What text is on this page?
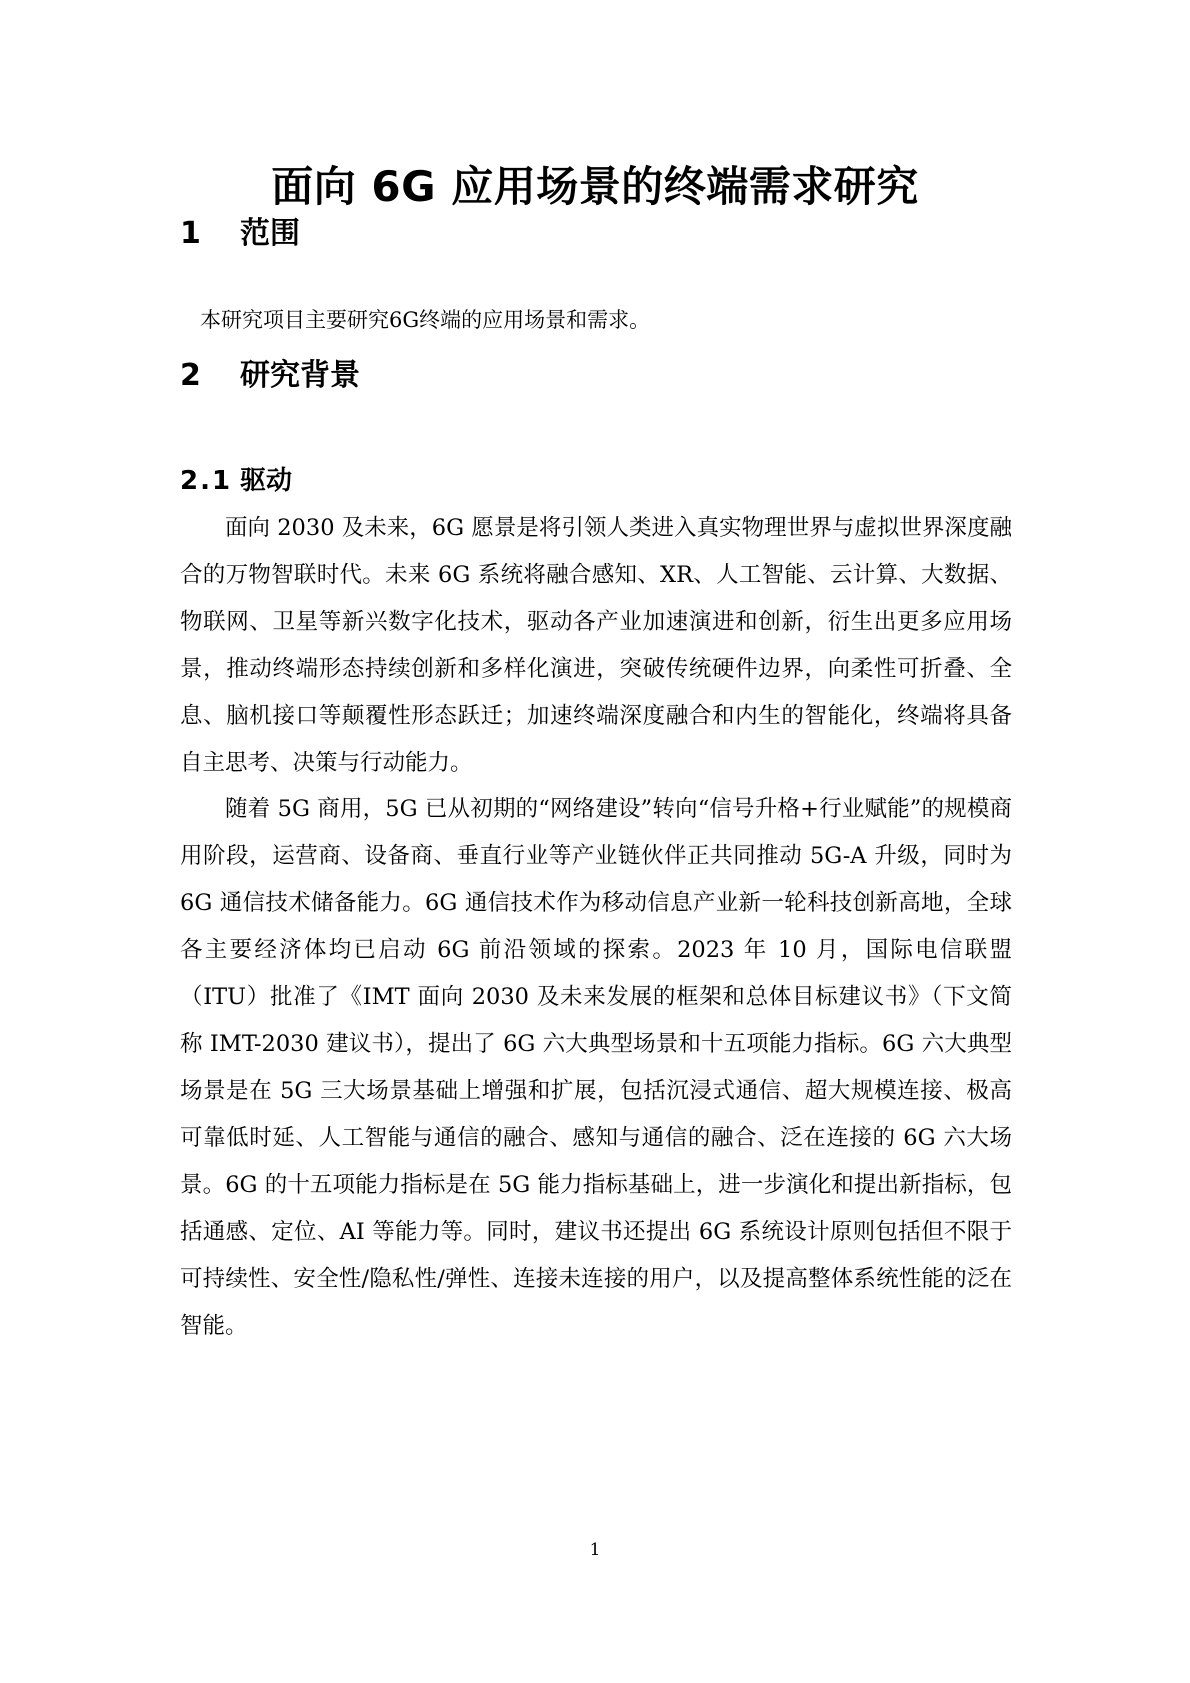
面向 6G 应用场景的终端需求研究
1 范围

本研究项目主要研究6G终端的应用场景和需求。

2 研究背景
2.1 驱动

面向 2030 及未来，6G 愿景是将引领人类进入真实物理世界与虚拟世界深度融合的万物智联时代。未来 6G 系统将融合感知、XR、人工智能、云计算、大数据、物联网、卫星等新兴数字化技术，驱动各产业加速演进和创新，衍生出更多应用场景，推动终端形态持续创新和多样化演进，突破传统硬件边界，向柔性可折叠、全息、脑机接口等颠覆性形态跃迁；加速终端深度融合和内生的智能化，终端将具备自主思考、决策与行动能力。

随着 5G 商用，5G 已从初期的“网络建设”转向“信号升格+行业赋能”的规模商用阶段，运营商、设备商、垂直行业等产业链伙伴正共同推动 5G-A 升级，同时为 6G 通信技术储备能力。6G 通信技术作为移动信息产业新一轮科技创新高地，全球各主要经济体均已启动 6G 前沿领域的探索。2023 年 10 月，国际电信联盟（ITU）批准了《IMT 面向 2030 及未来发展的框架和总体目标建议书》（下文简称 IMT-2030 建议书），提出了 6G 六大典型场景和十五项能力指标。6G 六大典型场景是在 5G 三大场景基础上增强和扩展，包括沉浸式通信、超大规模连接、极高可靠低时延、人工智能与通信的融合、感知与通信的融合、泛在连接的 6G 六大场景。6G 的十五项能力指标是在 5G 能力指标基础上，进一步演化和提出新指标，包括通感、定位、AI 等能力等。同时，建议书还提出 6G 系统设计原则包括但不限于可持续性、安全性/隐私性/弹性、连接未连接的用户，以及提高整体系统性能的泛在智能。

1
